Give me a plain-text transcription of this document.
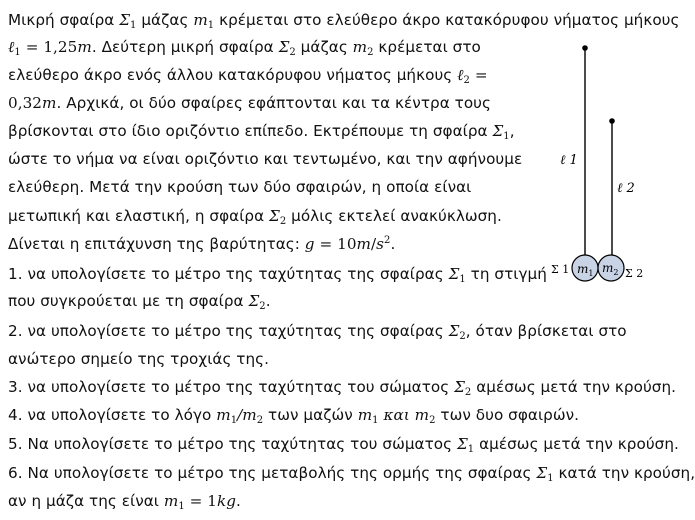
Μικρή σφαίρα $\Sigma_1$ μάζας $m_1$ κρέμεται στο ελεύθερο άκρο κατακόρυφου νήματος μήκους
ℓ$_1$ = 1,25m. Δεύτερη μικρή σφαίρα $\Sigma_2$ μάζας $m_2$ κρέμεται στο
ελεύθερο άκρο ενός άλλου κατακόρυφου νήματος μήκους ℓ$_2$ =
0,32m. Αρχικά, οι δύο σφαίρες εφάπτονται και τα κέντρα τους
βρίσκονται στο ίδιο οριζόντιο επίπεδο. Εκτρέπουμε τη σφαίρα $\Sigma_1$,
ώστε το νήμα να είναι οριζόντιο και τεντωμένο, και την αφήνουμε
ελεύθερη. Μετά την κρούση των δύο σφαιρών, η οποία είναι
μετωπική και ελαστική, η σφαίρα $\Sigma_2$ μόλις εκτελεί ανακύκλωση.
Δίνεται η επιτάχυνση της βαρύτητας: $g = 10m/s^2$.
1. να υπολογίσετε το μέτρο της ταχύτητας της σφαίρας $\Sigma_1$ τη στιγμή
που συγκρούεται με τη σφαίρα $\Sigma_2$.
2. να υπολογίσετε το μέτρο της ταχύτητας της σφαίρας $\Sigma_2$, όταν βρίσκεται στο
ανώτερο σημείο της τροχιάς της.
3. να υπολογίσετε το μέτρο της ταχύτητας του σώματος $\Sigma_2$ αμέσως μετά την κρούση.
4. να υπολογίσετε το λόγο $m_1/m_2$ των μαζών $m_1$ και $m_2$ των δυο σφαιρών.
5. Να υπολογίσετε το μέτρο της ταχύτητας του σώματος $\Sigma_1$ αμέσως μετά την κρούση.
6. Να υπολογίσετε το μέτρο της μεταβολής της ορμής της σφαίρας $\Sigma_1$ κατά την κρούση,
αν η μάζα της είναι $m_1 = 1kg$.
$m_1$ $m_2$
ℓ 1
ℓ 2
Σ 1	Σ 2
